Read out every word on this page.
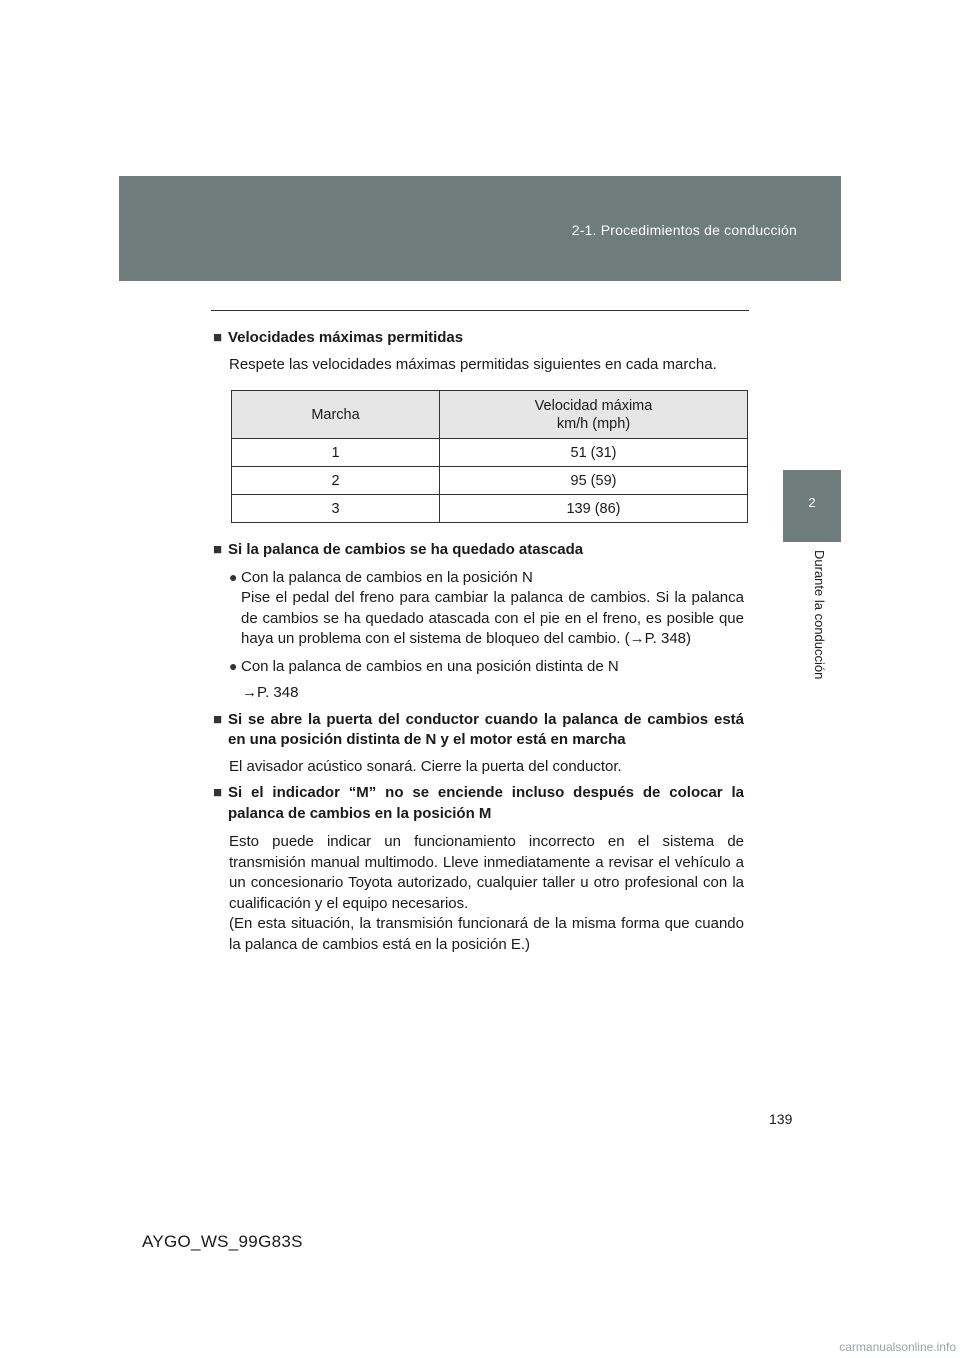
2-1. Procedimientos de conducción
2
Durante la conducción

■ Velocidades máximas permitidas

Respete las velocidades máximas permitidas siguientes en cada marcha.

Marcha	Velocidad máxima
km/h (mph)
1	51 (31)
2	95 (59)
3	139 (86)

■ Si la palanca de cambios se ha quedado atascada

● Con la palanca de cambios en la posición N
Pise el pedal del freno para cambiar la palanca de cambios. Si la palanca de cambios se ha quedado atascada con el pie en el freno, es posible que haya un problema con el sistema de bloqueo del cambio. (→P. 348)

● Con la palanca de cambios en una posición distinta de N

→P. 348

■ Si se abre la puerta del conductor cuando la palanca de cambios está en una posición distinta de N y el motor está en marcha

El avisador acústico sonará. Cierre la puerta del conductor.

■ Si el indicador “M” no se enciende incluso después de colocar la palanca de cambios en la posición M

Esto puede indicar un funcionamiento incorrecto en el sistema de transmisión manual multimodo. Lleve inmediatamente a revisar el vehículo a un concesionario Toyota autorizado, cualquier taller u otro profesional con la cualificación y el equipo necesarios.
(En esta situación, la transmisión funcionará de la misma forma que cuando la palanca de cambios está en la posición E.)

139
AYGO_WS_99G83S
carmanualsonline.info
